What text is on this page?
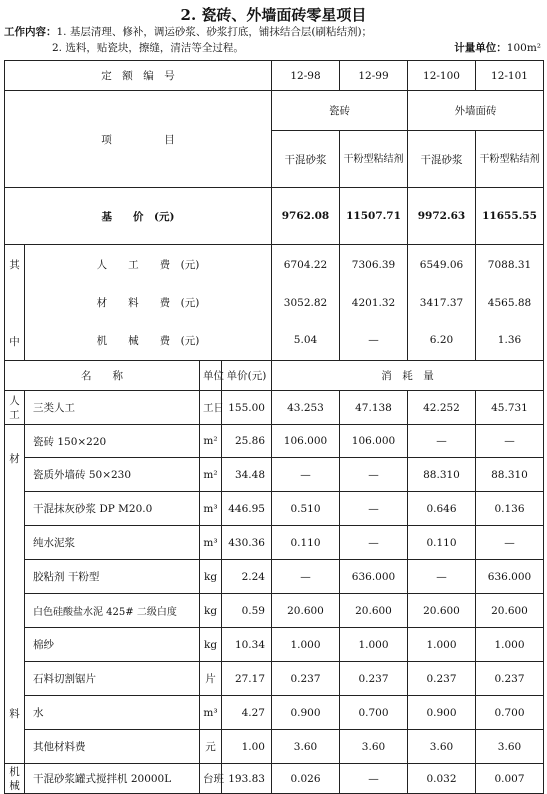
2. 瓷砖、外墙面砖零星项目
工作内容：1. 基层清理、修补，调运砂浆、砂浆打底，铺抹结合层(刷粘结剂)；
2. 选料，贴瓷块，擦缝，清洁等全过程。	计量单位：100m²
定　额　编　号				12-98	12-99	12-100	12-101
项　　　　　目				瓷砖		外墙面砖	
				干混砂浆	干粉型粘结剂	干混砂浆	干粉型粘结剂
基　　价　(元)				9762.08	11507.71	9972.63	11655.55

其
中	人　　工　　费　(元)			6704.22	7306.39	6549.06	7088.31
	材　　料　　费　(元)			3052.82	4201.32	3417.37	4565.88
	机　　械　　费　(元)			5.04	—	6.20	1.36
名　　称		单位	单价(元)	消　耗　量			
人工	三类人工	工日	155.00	43.253	47.138	42.252	45.731

材
料	瓷砖 150×220	m²	25.86	106.000	106.000	—	—
	瓷质外墙砖 50×230	m²	34.48	—	—	88.310	88.310
	干混抹灰砂浆 DP M20.0	m³	446.95	0.510	—	0.646	0.136
	纯水泥浆	m³	430.36	0.110	—	0.110	—
	胶粘剂 干粉型	kg	2.24	—	636.000	—	636.000
	白色硅酸盐水泥 425# 二级白度	kg	0.59	20.600	20.600	20.600	20.600
	棉纱	kg	10.34	1.000	1.000	1.000	1.000
	石料切割锯片	片	27.17	0.237	0.237	0.237	0.237
	水	m³	4.27	0.900	0.700	0.900	0.700
	其他材料费	元	1.00	3.60	3.60	3.60	3.60
机械	干混砂浆罐式搅拌机 20000L	台班	193.83	0.026	—	0.032	0.007
